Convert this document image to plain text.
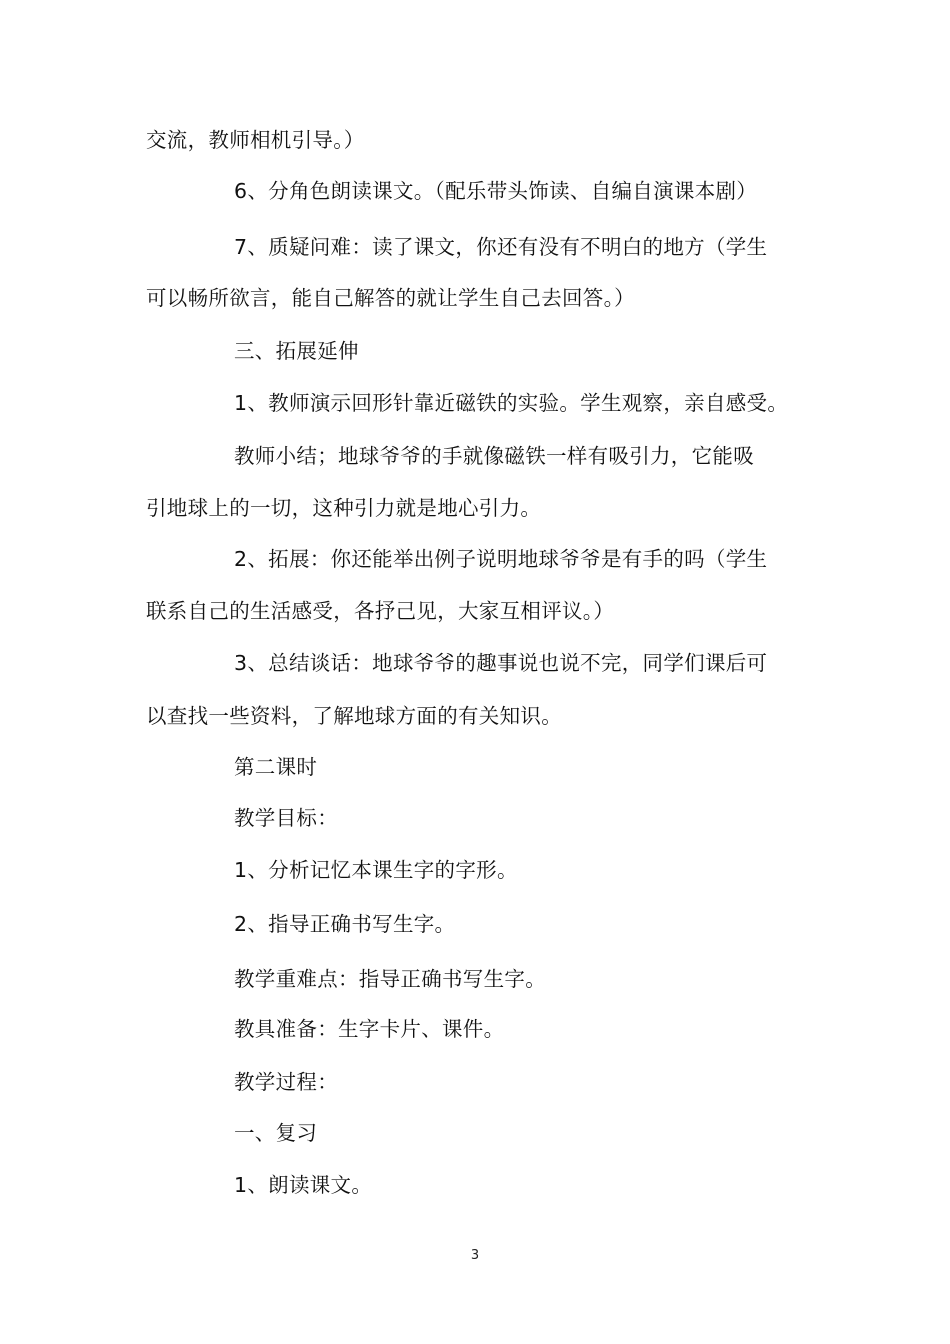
交流，教师相机引导。）
6、分角色朗读课文。（配乐带头饰读、自编自演课本剧）
7、质疑问难：读了课文，你还有没有不明白的地方（学生
可以畅所欲言，能自己解答的就让学生自己去回答。）
三、拓展延伸
1、教师演示回形针靠近磁铁的实验。学生观察，亲自感受。
教师小结；地球爷爷的手就像磁铁一样有吸引力，它能吸
引地球上的一切，这种引力就是地心引力。
2、拓展：你还能举出例子说明地球爷爷是有手的吗（学生
联系自己的生活感受，各抒己见，大家互相评议。）
3、总结谈话：地球爷爷的趣事说也说不完，同学们课后可
以查找一些资料，了解地球方面的有关知识。
第二课时
教学目标：
1、分析记忆本课生字的字形。
2、指导正确书写生字。
教学重难点：指导正确书写生字。
教具准备：生字卡片、课件。
教学过程：
一、复习
1、朗读课文。
3
